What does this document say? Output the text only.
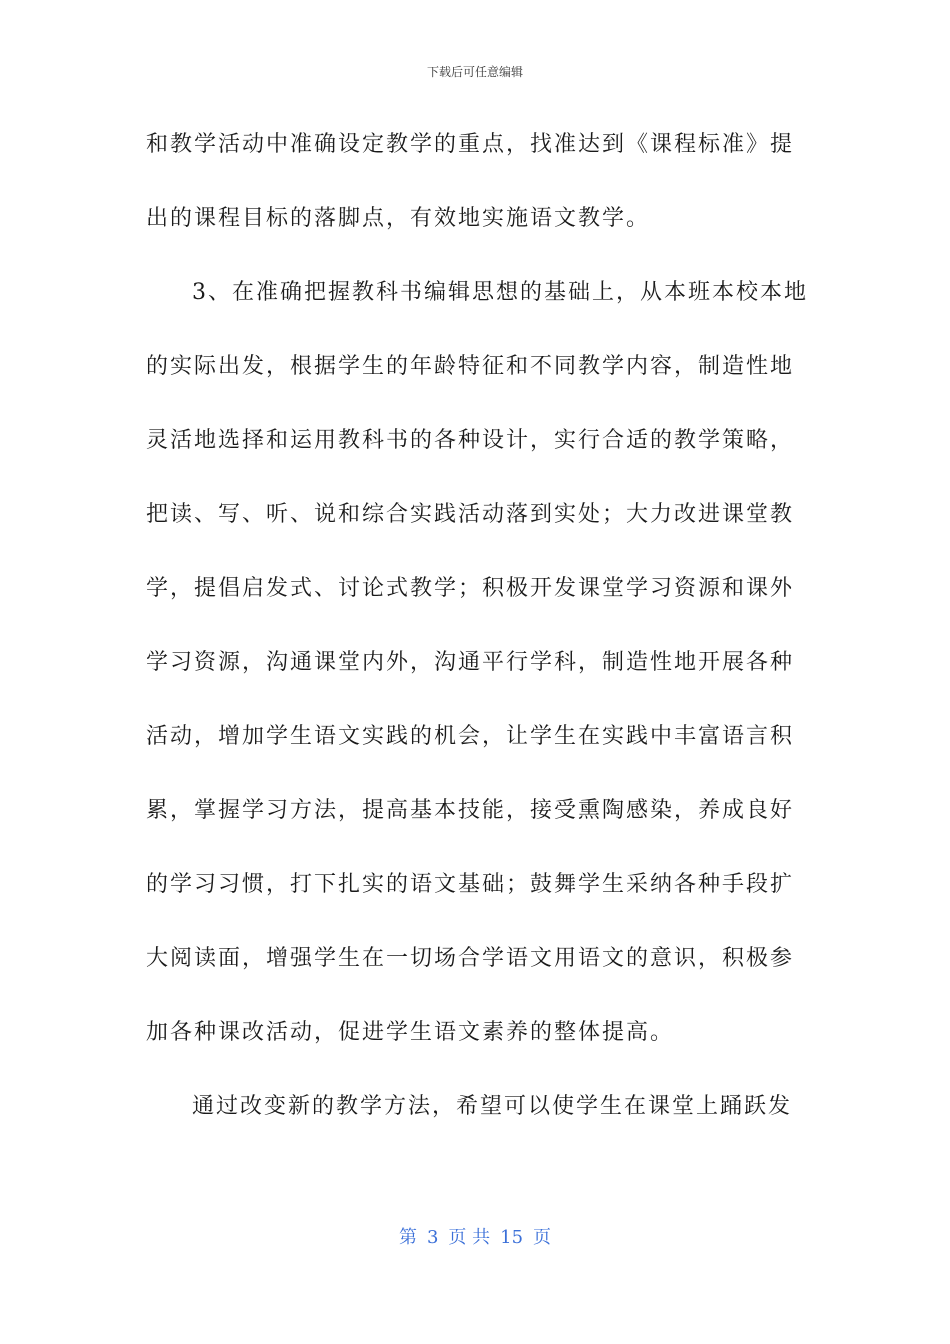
下载后可任意编辑
和教学活动中准确设定教学的重点，找准达到《课程标准》提
出的课程目标的落脚点，有效地实施语文教学。
3、在准确把握教科书编辑思想的基础上，从本班本校本地
的实际出发，根据学生的年龄特征和不同教学内容，制造性地
灵活地选择和运用教科书的各种设计，实行合适的教学策略，
把读、写、听、说和综合实践活动落到实处；大力改进课堂教
学，提倡启发式、讨论式教学；积极开发课堂学习资源和课外
学习资源，沟通课堂内外，沟通平行学科，制造性地开展各种
活动，增加学生语文实践的机会，让学生在实践中丰富语言积
累，掌握学习方法，提高基本技能，接受熏陶感染，养成良好
的学习习惯，打下扎实的语文基础；鼓舞学生采纳各种手段扩
大阅读面，增强学生在一切场合学语文用语文的意识，积极参
加各种课改活动，促进学生语文素养的整体提高。
通过改变新的教学方法，希望可以使学生在课堂上踊跃发
第 3 页 共 15 页
